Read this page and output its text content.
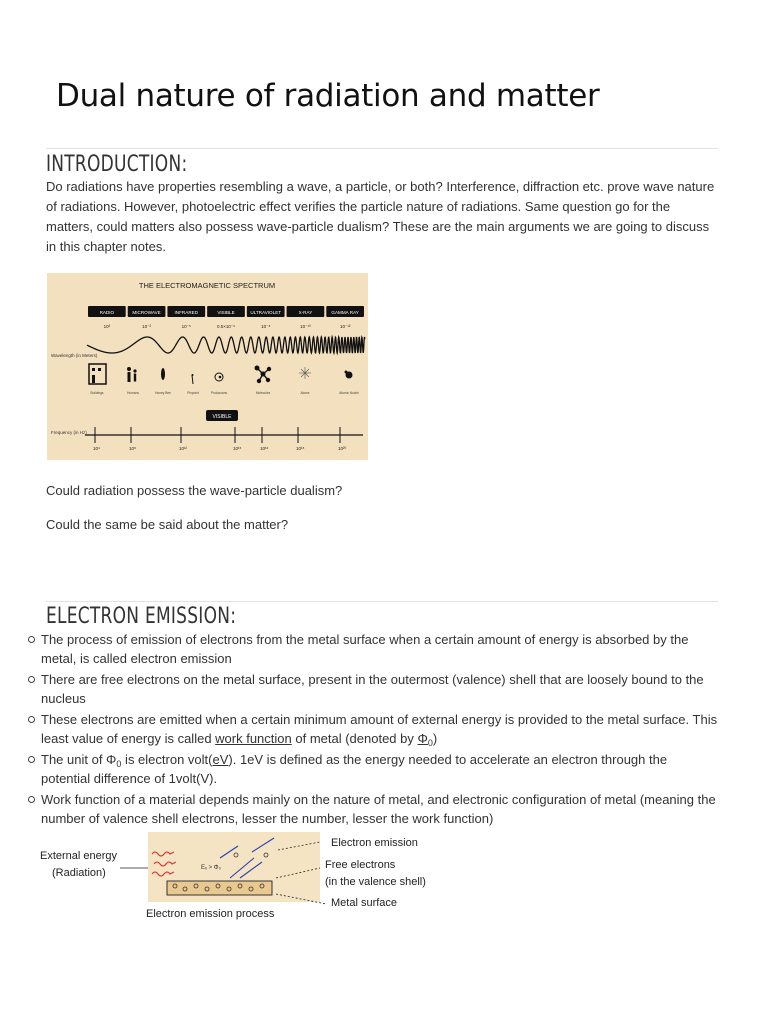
Dual nature of radiation and matter
INTRODUCTION:

Do radiations have properties resembling a wave, a particle, or both? Interference, diffraction etc. prove wave nature of radiations. However, photoelectric effect verifies the particle nature of radiations. Same question go for the matters, could matters also possess wave-particle dualism? These are the main arguments we are going to discuss in this chapter notes.

THE ELECTROMAGNETIC SPECTRUM
RADIO	MICROWAVE	INFRARED	VISIBLE	ULTRAVIOLET	X-RAY	GAMMA RAY
10³	10⁻²	10⁻⁵	0.5×10⁻⁶	10⁻⁸	10⁻¹⁰	10⁻¹²
Wavelength (in Meters)
Buildings	Humans	Honey Bee	Pinpoint	Protozoans	Molecules	Atoms	Atomic Nuclei
VISIBLE
Frequency (in Hz)
10⁴	10⁸	10¹²	10¹⁵	10¹⁶	10¹⁸	10²⁰
Could radiation possess the wave-particle dualism?
Could the same be said about the matter?
ELECTRON EMISSION:
The process of emission of electrons from the metal surface when a certain amount of energy is absorbed by the metal, is called electron emission
There are free electrons on the metal surface, present in the outermost (valence) shell that are loosely bound to the nucleus
These electrons are emitted when a certain minimum amount of external energy is provided to the metal surface. This least value of energy is called work function of metal (denoted by $\Phi_0$)
The unit of $\Phi_0$ is electron volt(eV). 1eV is defined as the energy needed to accelerate an electron through the potential difference of 1volt(V).
Work function of a material depends mainly on the nature of metal, and electronic configuration of metal (meaning the number of valence shell electrons, lesser the number, lesser the work function)
External energy
(Radiation)	Eₓ > Φ₀
Electron emission
Free electrons
(in the valence shell)
Metal surface
Electron emission process
